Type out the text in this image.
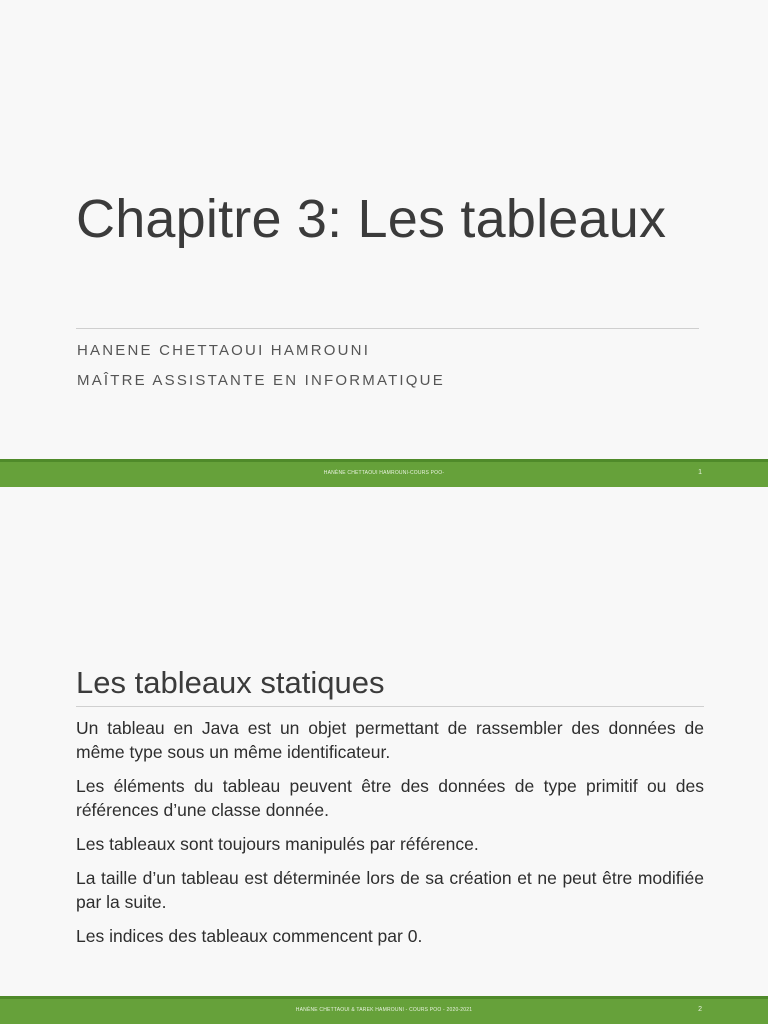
Chapitre 3: Les tableaux
HANENE CHETTAOUI HAMROUNI
MAÎTRE ASSISTANTE EN INFORMATIQUE
HANÈNE CHETTAOUI HAMROUNI-COURS POO-	1
Les tableaux statiques

Un tableau en Java est un objet permettant de rassembler des données de même type sous un même identificateur.

Les éléments du tableau peuvent être des données de type primitif ou des références d’une classe donnée.

Les tableaux sont toujours manipulés par référence.

La taille d’un tableau est déterminée lors de sa création et ne peut être modifiée par la suite.

Les indices des tableaux commencent par 0.

HANÈNE CHETTAOUI & TAREK HAMROUNI - COURS POO - 2020-2021	2
